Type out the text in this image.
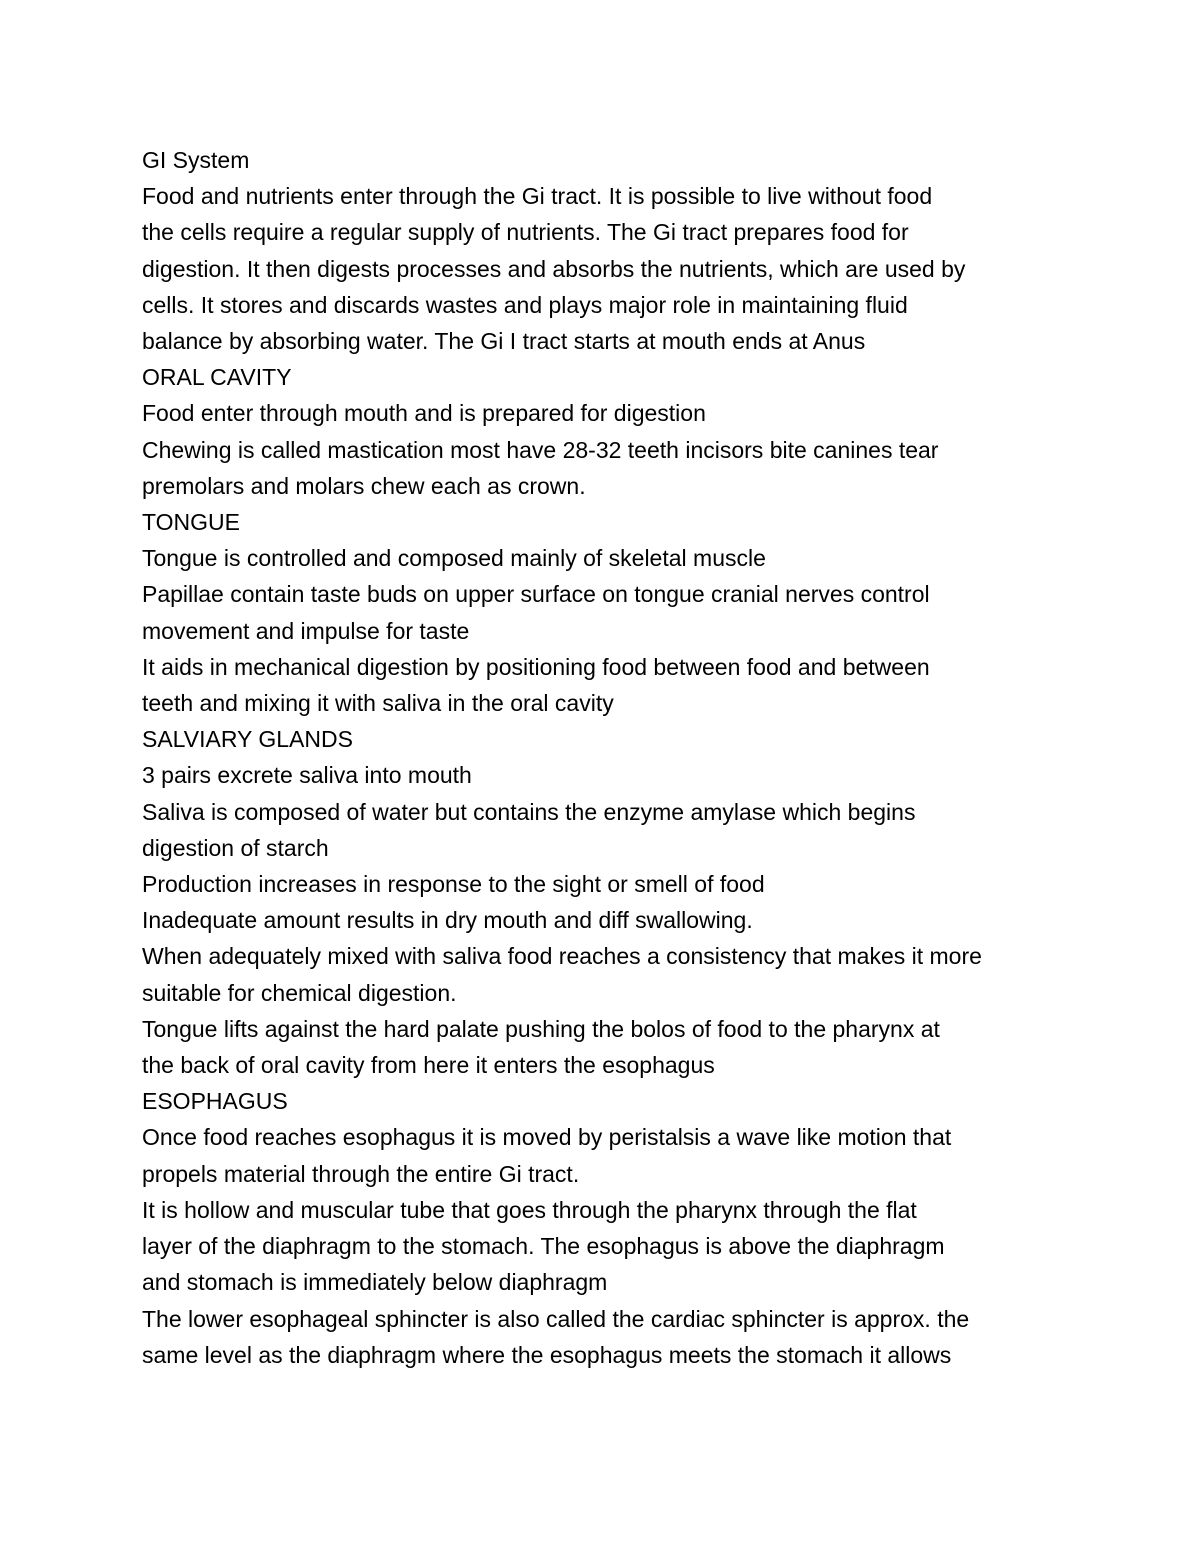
GI System

Food and nutrients enter through the Gi tract. It is possible to live without food

the cells require a regular supply of nutrients. The Gi tract prepares food for

digestion. It then digests processes and absorbs the nutrients, which are used by

cells. It stores and discards wastes and plays major role in maintaining fluid

balance by absorbing water. The Gi I tract starts at mouth ends at Anus

ORAL CAVITY

Food enter through mouth and is prepared for digestion

Chewing is called mastication most have 28-32 teeth incisors bite canines tear

premolars and molars chew each as crown.

TONGUE

Tongue is controlled and composed mainly of skeletal muscle

Papillae contain taste buds on upper surface on tongue cranial nerves control

movement and impulse for taste

It aids in mechanical digestion by positioning food between food and between

teeth and mixing it with saliva in the oral cavity

SALVIARY GLANDS

3 pairs excrete saliva into mouth

Saliva is composed of water but contains the enzyme amylase which begins

digestion of starch

Production increases in response to the sight or smell of food

Inadequate amount results in dry mouth and diff swallowing.

When adequately mixed with saliva food reaches a consistency that makes it more

suitable for chemical digestion.

Tongue lifts against the hard palate pushing the bolos of food to the pharynx at

the back of oral cavity from here it enters the esophagus

ESOPHAGUS

Once food reaches esophagus it is moved by peristalsis a wave like motion that

propels material through the entire Gi tract.

It is hollow and muscular tube that goes through the pharynx through the flat

layer of the diaphragm to the stomach. The esophagus is above the diaphragm

and stomach is immediately below diaphragm

The lower esophageal sphincter is also called the cardiac sphincter is approx. the

same level as the diaphragm where the esophagus meets the stomach it allows
